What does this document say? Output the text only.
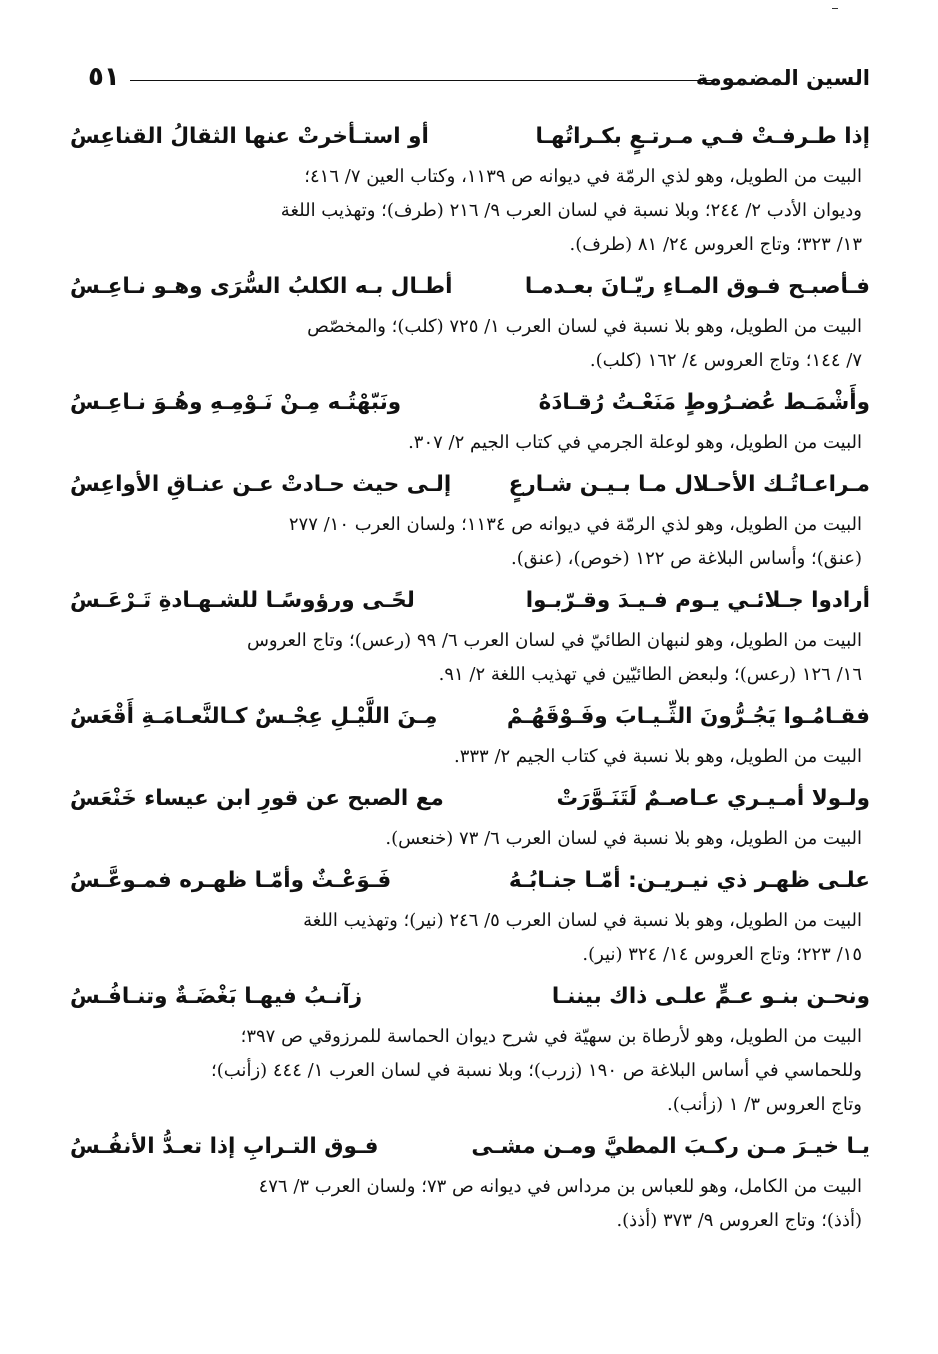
السين المضمومة
٥١
إذا طـرفـتْ فـي مـرتـعٍ بكـراتُهـا
أو استـأخرتْ عنها الثقالُ القناعِسُ
البيت من الطويل، وهو لذي الرمّة في ديوانه ص ١١٣٩، وكتاب العين ٧/ ٤١٦؛
وديوان الأدب ٢/ ٢٤٤؛ وبلا نسبة في لسان العرب ٩/ ٢١٦ (طرف)؛ وتهذيب اللغة
١٣/ ٣٢٣؛ وتاج العروس ٢٤/ ٨١ (طرف).
فـأصبـح فـوق المـاءِ ريّـانَ بعـدمـا
أطـال بـه الكلبُ السُّرَى وهـو نـاعِـسُ
البيت من الطويل، وهو بلا نسبة في لسان العرب ١/ ٧٢٥ (كلب)؛ والمخصّص
٧/ ١٤٤؛ وتاج العروس ٤/ ١٦٢ (كلب).
وأَشْمَـط عُضـرُوطٍ مَنَعْـتُ رُقـادَهُ
ونَبّهْتُـه مِـنْ نَـوْمِـهِ وهُـوَ نـاعِـسُ
البيت من الطويل، وهو لوعلة الجرمي في كتاب الجيم ٢/ ٣٠٧.
مـراعـاتُـك الأحـلال مـا بـيـن شـارعٍ
إلـى حيث حـادتْ عـن عنـاقِ الأواعِسُ
البيت من الطويل، وهو لذي الرمّة في ديوانه ص ١١٣٤؛ ولسان العرب ١٠/ ٢٧٧
(عنق)؛ وأساس البلاغة ص ١٢٢ (خوص)، (عنق).
أرادوا جـلائـي يـوم فـيـدَ وقـرّبـوا
لحًـى ورؤوسًـا للشـهـادةِ تَـرْعَـسُ
البيت من الطويل، وهو لنبهان الطائيّ في لسان العرب ٦/ ٩٩ (رعس)؛ وتاج العروس
١٦/ ١٢٦ (رعس)؛ ولبعض الطائيّين في تهذيب اللغة ٢/ ٩١.
فقـامُـوا يَجُـرُّونَ الثِّـيـابَ وفَـوْقَهُـمْ
مِـنَ اللَّيْـلِ عِجْـسٌ كـالنَّعـامَـةِ أَقْعَسُ
البيت من الطويل، وهو بلا نسبة في كتاب الجيم ٢/ ٣٣٣.
ولـولا أمـيـري عـاصـمٌ لَتَنَـوَّرَتْ
مع الصبح عن قورِ ابن عيساء خَنْعَسُ
البيت من الطويل، وهو بلا نسبة في لسان العرب ٦/ ٧٣ (خنعس).
علـى ظهـر ذي نيـريـن: أمّـا جنـابُـهُ
فَـوَعْـثٌ وأمّـا ظهـره فمـوعَّـسُ
البيت من الطويل، وهو بلا نسبة في لسان العرب ٥/ ٢٤٦ (نير)؛ وتهذيب اللغة
١٥/ ٢٢٣؛ وتاج العروس ١٤/ ٣٢٤ (نير).
ونحـن بنـو عـمٍّ علـى ذاك بيننـا
زآنـبُ فيهـا بَغْضَـةٌ وتنـافُـسُ
البيت من الطويل، وهو لأرطاة بن سهيّة في شرح ديوان الحماسة للمرزوقي ص ٣٩٧؛
وللحماسي في أساس البلاغة ص ١٩٠ (زرب)؛ وبلا نسبة في لسان العرب ١/ ٤٤٤ (زأنب)؛
وتاج العروس ٣/ ١ (زأنب).
يـا خيـرَ مـن ركـبَ المطيَّ ومـن مشـى
فـوق التـرابِ إذا تعـدُّ الأنفُـسُ
البيت من الكامل، وهو للعباس بن مرداس في ديوانه ص ٧٣؛ ولسان العرب ٣/ ٤٧٦
(أذذ)؛ وتاج العروس ٩/ ٣٧٣ (أذذ).
